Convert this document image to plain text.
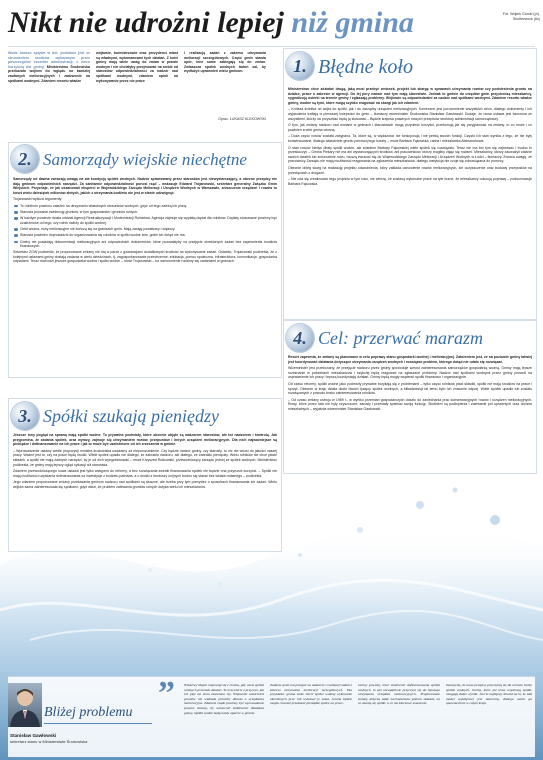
Nikt nie udrożni lepiej niż gmina	Fot. Wojtek Górski (pr),
Shutterstock (tło)
Woda zawsze spływa w dół, podobnie jest ze strumieniem środków wykazanym przez poszczególne szczeble administracji, z nieco korzyścią dla gminy. Ministerstwo Środowiska przekazało wójtom do wglądu na bardziej zaufanych melioracyjnych i zadzwonić na spółkami wodnymi. Zdaniem resortu władze
wójtowie, burmistrzowie oraz prezydenci miast są władnymi, wykonawcami tych działań. Z kolei gminy mają wiele uwag do zmian w prawie wodnym i nie chciałyby przejmować na siebie od starostów odpowiedzialności za nadzór nad spółkami wodnymi, zdaniem opinii na wykonywanie przez nie prace
i realizację zadań z zakresu utrzymania melioracji szczegółowych. Część gmin stawia opór, inne same zabiegają się do zmian. Zwłaszcza spółek wodnych tarbiń sal, by wydłużyć uprawnień wielu gminom.
Oprac. ŁUKASZ KLEKOWSKI
1. Błędne koło

Ministerstwo chce zdziałać drugą, jaką musi przebyć wniosek, projekt lub skargę w sprawach utrzymania rowów czy podniesienia gruntu na działce, prace o zakresie w agencji. Do tej pory nadzór nad tym mają starostwie. Jednak to gminie do urzędów gmin przychodzą mieszkańcy, sygnalizują usterki na terenie gminy i zgłaszają problemy. Wójtowie są odpowiedzialni za nadzór nad spółkami wodnymi. Zdaniem resortu władze gminy, wodne są tymi, które mogą szybko reagować na skargi jak ich zdaniem.

– Krótsza ścieżka od wójta do spółki, jak i do zarządcy urządzeń melioracyjnych. Konieczne jest porozumienie wszystkich stron, dlatego dokumenty i ich wyjaśnienia trafiają w pierwszej kolejności do gmin – tłumaczy wiceminister Środowiska Stanisław Gawłowski. Dodaje, że nowa ustawa jest tworzona ze wszystkimi, którzy na przyszłość będą ją stosować – Będzie krajowa prawnych nowych przepisów struktury administracji samorządowej.

O tym, jak zmiany nadzoru nad wodami w gminach i starostwach mogą przynieść korzyści, przekonują jak się przygotować na zmiany, to co może i co powinien zrobić gmina wiosną.

– Duża część rowów została zasypana. Ta, które są, w większości nie funkcjonują i nie pełnią swoich funkcji. Często ich stan wynika z tego, że nie były konserwowane, dlatego właściciele gruntu ponoszą tego koszty – mówi Barbara Fąkowska, radna i mieszkanka Aleksandrowa.

O stan rowów kiedyś dbały spółki wodne, ale zdaniem Barbary Fąkowskiej wiele spółek się rozwiązało. Teraz nie ma kto tym się zajmować i trudno to przeskoczyć – Gmina Piekary nie ma ani wystarczających środków, ani pracowników, którzy mogliby zająć się rowami. Mieszkańcy, którzy zauważyli zalanie swoich działek lub zniszczenie rowu, muszą zwracać się do Wojewódzkiego Zarządu Melioracji i Urządzeń Wodnych w Łodzi – tłumaczy. Zwraca uwagę, że pracownicy Zarządu nie mają możliwości reagowania na zgłoszenia mieszkańców, dlatego instytucja nie czuje się zobowiązana do pomocy.

Obecnie obieg skarg na realizację projektu odwodnienia, który zakłada odnowienie rowów melioracyjnych, ich oczyszczenie oraz budowę przepustów na przecięciach z drogami.

– Nie uda się zrealizować tego projektu w tym roku, nie wierzę, że zostaną wykonane prace na tyle liczne, że mieszkańcy odczują poprawę – podsumowuje Barbara Fąkowska.

2. Samorządy wiejskie niechętne

Samorządy od dawna zwracają uwagę na zła kondycję spółek wodnych. Nadzór sprawowany przez starostów jest niewystarczający, a obecne przepisy nie dają gminom odpowiednich narzędzi. Za sanitarnie odpowiedzialność ponosi rząd – wskazuje Edward Trojanowski, sekretarz generalny Związku Gmin Wiejskich. Przyznaje, że jak oszacowali eksperci w Wojewódzkiego Zarządu Melioracji i Urządzeń Wodnych w Warszawie, zniszczenie urządzeń i rowów to koszt wielu dziesiątek milionów złotych, jakich z utrzymania budżetu nie jest w stanie udźwignąć.

Trojanowski wylicza argumenty:

To rolnikom powinno zależeć na utrzymaniu właściwych stosunków wodnych, gdyż od tego zależą ich plony.
Starosta prowadzi ewidencję gruntów, w tym gospodarstw i gruntów rolnych.
W każdym powiecie działa oddział Agencji Restrukturyzacji i Modernizacji Rolnictwa. Agencja zajmuje się wypłatą dopłat dla rolników. Dopłaty stosowane powinny być uzależnione od tego, czy rolnik należy do spółki wodnej.
Ciekł wodna, rowy melioracyjne nie kończą się na granicach gmin. Mają zasięg powiatowy i większy.
Starosta powinien doprowadzić do organizowania się rolników w spółki wodne tam, gdzie ich dotąd nie ma.
Gminy nie posiadają dokumentacji melioracyjnych ani odpowiednich dokumentów, które pozwalałyby na przejęcie określonych zadań bez zapewnienia środków finansowych.

Sekretarz ZGW podkreśla, że proponowane zmiany nie idą w parze z gwarancjami dodatkowych środków na wykonywanie zadań. Ostatnio, Trojanowski podkreśla, że z kolejnymi ustawami gminy dostają zadania w wielu dziedzinach, tj. zagospodarowanie przestrzenne, edukacja, pomoc społeczna, infrastruktura, komunikacja, gospodarka odpadami. Teraz dochodzi jeszcze gospodarka wodna i spółki wodne – mówi Trojanowski – bo wzmocnienie rodzimy się zadaniami w gminach.

4. Cel: przerwać marazm

Resort zapewnia, że zmiany są planowane w celu poprawy stanu gospodarki wodnej i melioracyjnej. Założeniem jest, że na poziomie gminy łatwiej jest koordynować działania dotyczące utrzymania urządzeń wodnych i rozwiązać problem, którego dotąd nie udało się rozwiązać.

Wiceminister jest przekonany, że przejęcie nadzoru przez gminy spowoduje wzrost zainteresowania samorządów gospodarką wodną. Gminy mają lepsze rozeznanie w potrzebach mieszkańców i szybciej będą reagować na zgłaszane problemy. Nadzór nad spółkami wodnymi przez gminy pozwoli na usprawnienie ich pracy i lepszą koordynację działań. Gminy będą mogły wspierać spółki finansowo i organizacyjnie.

Od czasu reformy, spółki wodne jako podmioty prywatne borykają się z problemami – tylko część rolników płaci składki, spółki nie mają środków na prace i sprzęt. Obecnie w kraju działa około dwóch tysięcy spółek wodnych, a kilkadziesiąt lat temu było ich znacznie więcej. Wiele spółek upadło lub zostało rozwiązanych z powodu braku zainteresowania rolników.

– Od czasu zmiany ustroju w 1989 r., w wyniku przemian gospodarczych doszło do zaniechania prac konserwacyjnych rowów i urządzeń melioracyjnych. Rowy, które przez lata nie były czyszczone, zarosły i przestały spełniać swoją funkcję. Skutkiem są podtopienia i zalewanie pól uprawnych oraz domów mieszkalnych – wyjaśnia wiceminister Stanisław Gawłowski.

3. Spółki szukają pieniędzy

Jeszcze inny pogląd na sprawę mają spółki wodne. To prywatne podmioty, które obecnie objęte są nadzorem starostów, ale też nadzorem i kontrolą. Jak przypomina, że zadania spółek, oraz wyrazy, zajmuje się utrzymaniem rowów, przepustów i innych urządzeń melioracyjnych. Dla nich najważniejsze są pieniądze i dofinansowanie na ich prace i jak to może być uzależnione od ich zrzeszenia w gminie.

– Wprowadzenie ustawy wedle propozycji ministra środowiska uważamy za nieporozumienie. Czy będzie nadzór gminy, czy starosty, to nic nie wnosi do jakości naszej pracy. Ważne jest to, czy na prace będą środki. Wiele spółek upadło nie dlatego, że zabrakło nadzoru, ale dlatego, że zabrakło pieniędzy. Wielu rolników nie chce płacić składek, a spółki nie mają żadnych narzędzi, by je od nich wyegzekwować – mówi Krzysztof Rutkowski, przewodniczący zarządu jednej ze spółek wodnych. Ministerstwo podkreśla, że gminy mają lepszy ogląd sytuacji niż starostwa.

Zdaniem przewodniczącego nowa ustawa jest tylko wstępem do reformy, a bez rozwiązania kwestii finansowania spółek nie będzie ona przynosić korzyści. – Spółki nie mają możliwości uzyskania dofinansowania na inwestycje z budżetu państwa, a o środki z funduszy unijnych trudno się starać bez wkładu własnego – podkreśla.

Jego zdaniem proponowane zmiany przekazania gminom nadzoru nad spółkami są słuszne, ale trzeba przy tym pomyśleć o sposobach finansowania ich zadań. Wielu wójtów sama zainteresowała się spółkami, gdyż widzi, że problem zalewania gruntów rolnych dotyka wielu ich mieszkańców.

”
Bliżej problemu
Stanisław Gawłowski
sekretarz stanu w Ministerstwie Środowiska
Właściwy kłopot rozpoczął się z chwilą, gdy wiele spółek wodnych przestało działać. To oczywiście z przyczyn, jak ich pięć lat temu obawiano się. Większość właścicieli gruntów nie widziała potrzeby dbania o urządzenia melioracyjne. Zdaniem rządu powinny być wprowadzone prawne zmiany, by wzmocnić możliwości działania gminy. Spółki wodne będą miały oparcie w gminie.
Zadanie gmin ma polegać na nadzorze i realizacji zadań z zakresu utrzymania melioracji szczegółowych. Dla przykładu: gmina może zlecić spółce wodnej wykonanie określonych prac lub wykonać je sama. Gmina będzie mogła również przekazać pieniądze spółce na prace.
Gminy powinny mieć możliwość dofinansowania spółek wodnych, to zaś niewątpliwie przyczyni się do lepszego utrzymania urządzeń melioracyjnych. Proponowane zmiany dotyczą także mechanizmów poboru składek, na co skarżą się spółki, a co ma kluczowe znaczenie.
Szacujemy, że nowe przepisy przyczynią się do wzrostu liczby spółek wodnych. Gminy, które już teraz wspierają spółki, osiągają dobre wyniki. Jest to najlepszy dowód na to, że taki model współpracy jest skuteczny, dlatego warto go upowszechnić w całym kraju.
